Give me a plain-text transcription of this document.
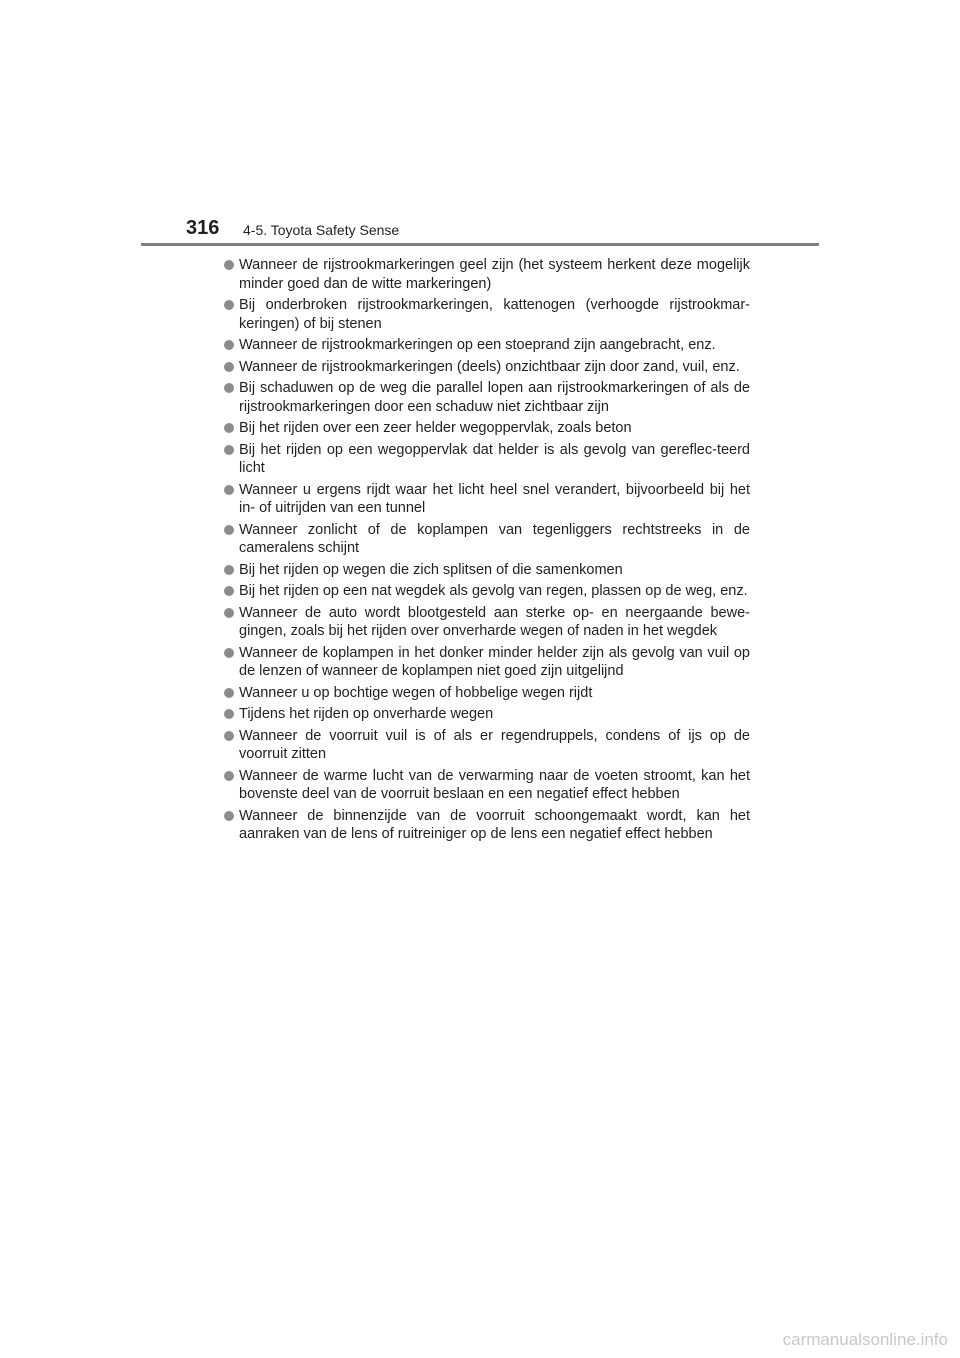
316 4-5. Toyota Safety Sense
Wanneer de rijstrookmarkeringen geel zijn (het systeem herkent deze mogelijk minder goed dan de witte markeringen)
Bij onderbroken rijstrookmarkeringen, kattenogen (verhoogde rijstrookmar-keringen) of bij stenen
Wanneer de rijstrookmarkeringen op een stoeprand zijn aangebracht, enz.
Wanneer de rijstrookmarkeringen (deels) onzichtbaar zijn door zand, vuil, enz.
Bij schaduwen op de weg die parallel lopen aan rijstrookmarkeringen of als de rijstrookmarkeringen door een schaduw niet zichtbaar zijn
Bij het rijden over een zeer helder wegoppervlak, zoals beton
Bij het rijden op een wegoppervlak dat helder is als gevolg van gereflec-teerd licht
Wanneer u ergens rijdt waar het licht heel snel verandert, bijvoorbeeld bij het in- of uitrijden van een tunnel
Wanneer zonlicht of de koplampen van tegenliggers rechtstreeks in de cameralens schijnt
Bij het rijden op wegen die zich splitsen of die samenkomen
Bij het rijden op een nat wegdek als gevolg van regen, plassen op de weg, enz.
Wanneer de auto wordt blootgesteld aan sterke op- en neergaande bewe-gingen, zoals bij het rijden over onverharde wegen of naden in het wegdek
Wanneer de koplampen in het donker minder helder zijn als gevolg van vuil op de lenzen of wanneer de koplampen niet goed zijn uitgelijnd
Wanneer u op bochtige wegen of hobbelige wegen rijdt
Tijdens het rijden op onverharde wegen
Wanneer de voorruit vuil is of als er regendruppels, condens of ijs op de voorruit zitten
Wanneer de warme lucht van de verwarming naar de voeten stroomt, kan het bovenste deel van de voorruit beslaan en een negatief effect hebben
Wanneer de binnenzijde van de voorruit schoongemaakt wordt, kan het aanraken van de lens of ruitreiniger op de lens een negatief effect hebben
carmanualsonline.info
